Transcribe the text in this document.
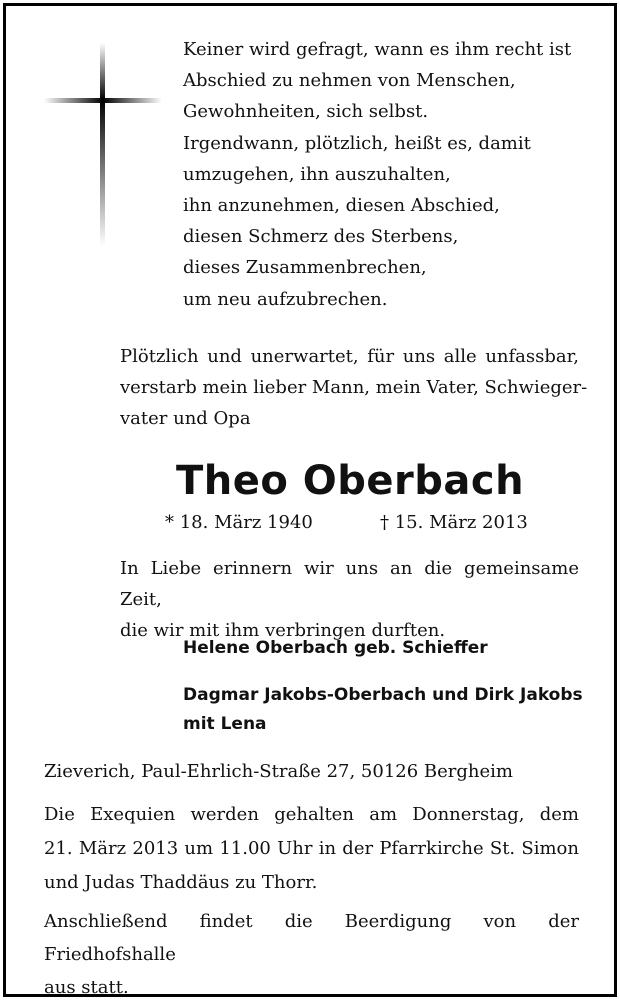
Keiner wird gefragt, wann es ihm recht ist
Abschied zu nehmen von Menschen,
Gewohnheiten, sich selbst.
Irgendwann, plötzlich, heißt es, damit
umzugehen, ihn auszuhalten,
ihn anzunehmen, diesen Abschied,
diesen Schmerz des Sterbens,
dieses Zusammenbrechen,
um neu aufzubrechen.
Plötzlich und unerwartet, für uns alle unfassbar,
verstarb mein lieber Mann, mein Vater, Schwieger-
vater und Opa
Theo Oberbach
* 18. März 1940	† 15. März 2013
In Liebe erinnern wir uns an die gemeinsame Zeit,
die wir mit ihm verbringen durften.
Helene Oberbach geb. Schieffer
Dagmar Jakobs-Oberbach und Dirk Jakobs
mit Lena
Zieverich, Paul-Ehrlich-Straße 27, 50126 Bergheim
Die Exequien werden gehalten am Donnerstag, dem
21. März 2013 um 11.00 Uhr in der Pfarrkirche St. Simon
und Judas Thaddäus zu Thorr.
Anschließend findet die Beerdigung von der Friedhofshalle
aus statt.
